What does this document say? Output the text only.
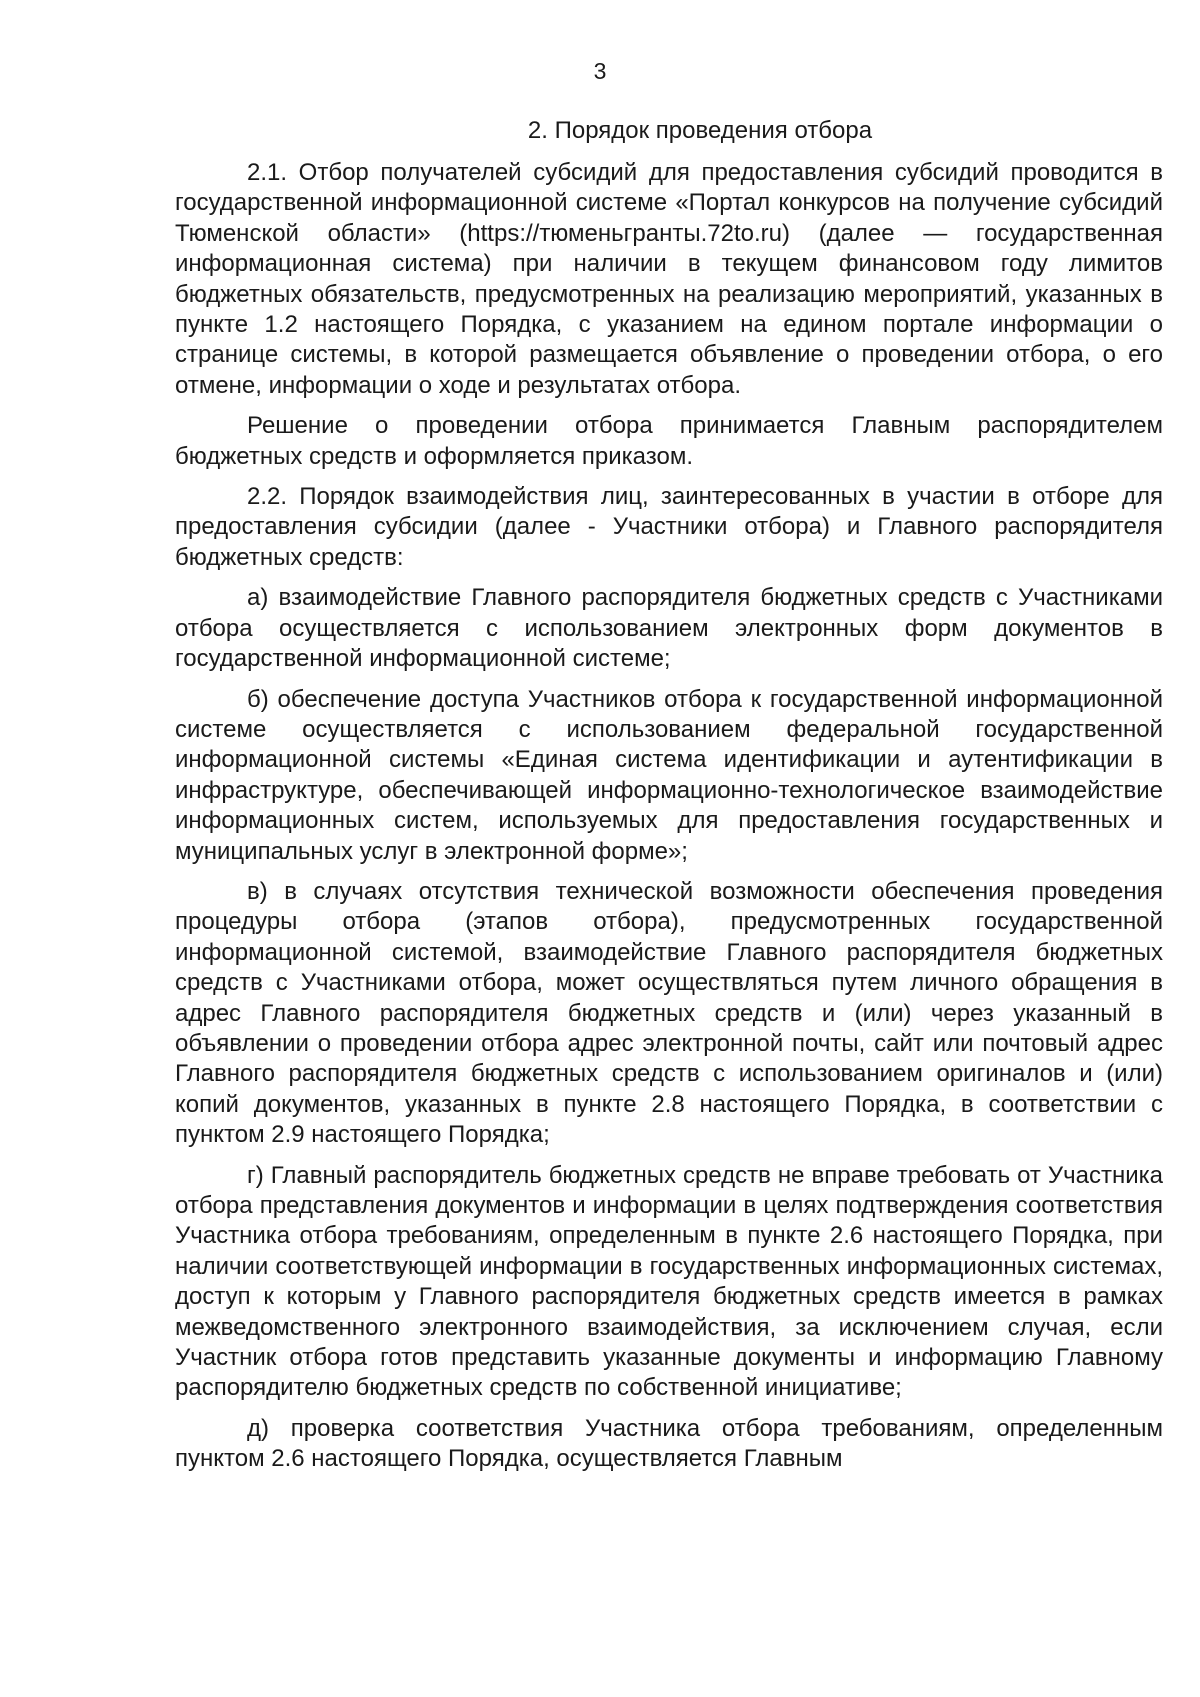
3
2. Порядок проведения отбора

2.1. Отбор получателей субсидий для предоставления субсидий проводится в государственной информационной системе «Портал конкурсов на получение субсидий Тюменской области» (https://тюменьгранты.72to.ru) (далее — государственная информационная система) при наличии в текущем финансовом году лимитов бюджетных обязательств, предусмотренных на реализацию мероприятий, указанных в пункте 1.2 настоящего Порядка, с указанием на едином портале информации о странице системы, в которой размещается объявление о проведении отбора, о его отмене, информации о ходе и результатах отбора.

Решение о проведении отбора принимается Главным распорядителем бюджетных средств и оформляется приказом.

2.2. Порядок взаимодействия лиц, заинтересованных в участии в отборе для предоставления субсидии (далее - Участники отбора) и Главного распорядителя бюджетных средств:

а) взаимодействие Главного распорядителя бюджетных средств с Участниками отбора осуществляется с использованием электронных форм документов в государственной информационной системе;

б) обеспечение доступа Участников отбора к государственной информационной системе осуществляется с использованием федеральной государственной информационной системы «Единая система идентификации и аутентификации в инфраструктуре, обеспечивающей информационно-технологическое взаимодействие информационных систем, используемых для предоставления государственных и муниципальных услуг в электронной форме»;

в) в случаях отсутствия технической возможности обеспечения проведения процедуры отбора (этапов отбора), предусмотренных государственной информационной системой, взаимодействие Главного распорядителя бюджетных средств с Участниками отбора, может осуществляться путем личного обращения в адрес Главного распорядителя бюджетных средств и (или) через указанный в объявлении о проведении отбора адрес электронной почты, сайт или почтовый адрес Главного распорядителя бюджетных средств с использованием оригиналов и (или) копий документов, указанных в пункте 2.8 настоящего Порядка, в соответствии с пунктом 2.9 настоящего Порядка;

г) Главный распорядитель бюджетных средств не вправе требовать от Участника отбора представления документов и информации в целях подтверждения соответствия Участника отбора требованиям, определенным в пункте 2.6 настоящего Порядка, при наличии соответствующей информации в государственных информационных системах, доступ к которым у Главного распорядителя бюджетных средств имеется в рамках межведомственного электронного взаимодействия, за исключением случая, если Участник отбора готов представить указанные документы и информацию Главному распорядителю бюджетных средств по собственной инициативе;

д) проверка соответствия Участника отбора требованиям, определенным пунктом 2.6 настоящего Порядка, осуществляется Главным
